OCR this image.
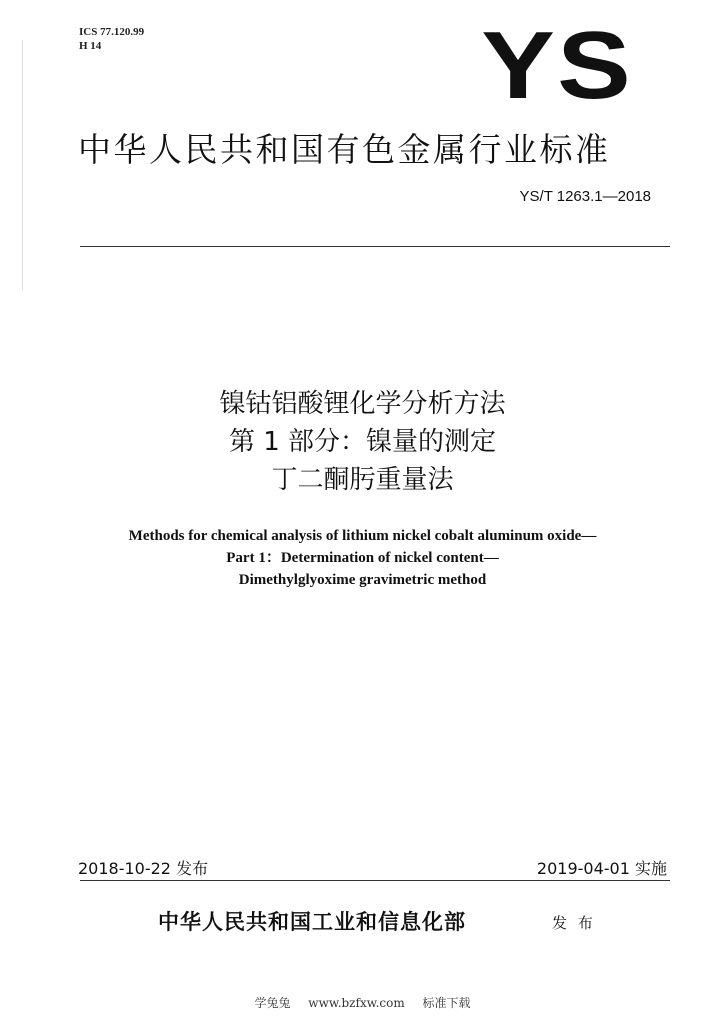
ICS 77.120.99
H 14	YS
中华人民共和国有色金属行业标准
YS/T 1263.1—2018
镍钴铝酸锂化学分析方法
第 1 部分：镍量的测定
丁二酮肟重量法
Methods for chemical analysis of lithium nickel cobalt aluminum oxide—
Part 1：Determination of nickel content—
Dimethylglyoxime gravimetric method
2018-10-22 发布	2019-04-01 实施
中华人民共和国工业和信息化部	发 布
学兔兔 www.bzfxw.com 标准下载
